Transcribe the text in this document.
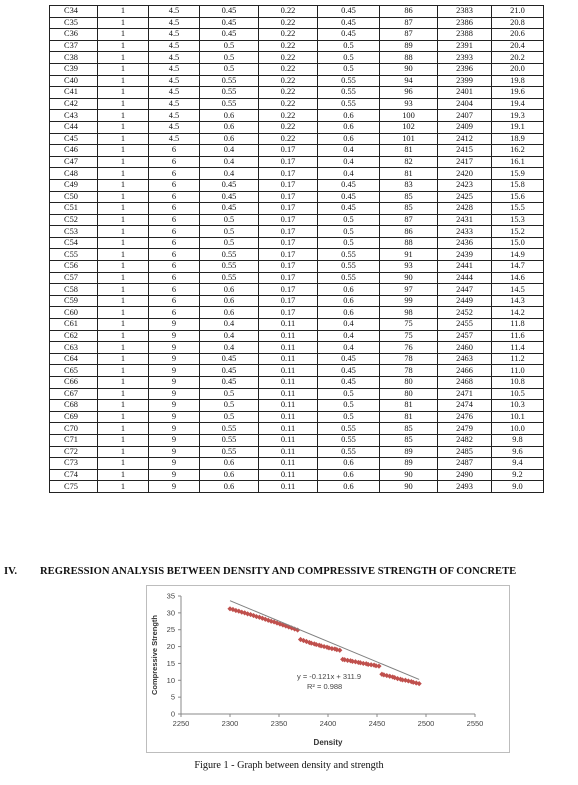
C34	1	4.5	0.45	0.22	0.45	86	2383	21.0
C35	1	4.5	0.45	0.22	0.45	87	2386	20.8
C36	1	4.5	0.45	0.22	0.45	87	2388	20.6
C37	1	4.5	0.5	0.22	0.5	89	2391	20.4
C38	1	4.5	0.5	0.22	0.5	88	2393	20.2
C39	1	4.5	0.5	0.22	0.5	90	2396	20.0
C40	1	4.5	0.55	0.22	0.55	94	2399	19.8
C41	1	4.5	0.55	0.22	0.55	96	2401	19.6
C42	1	4.5	0.55	0.22	0.55	93	2404	19.4
C43	1	4.5	0.6	0.22	0.6	100	2407	19.3
C44	1	4.5	0.6	0.22	0.6	102	2409	19.1
C45	1	4.5	0.6	0.22	0.6	101	2412	18.9
C46	1	6	0.4	0.17	0.4	81	2415	16.2
C47	1	6	0.4	0.17	0.4	82	2417	16.1
C48	1	6	0.4	0.17	0.4	81	2420	15.9
C49	1	6	0.45	0.17	0.45	83	2423	15.8
C50	1	6	0.45	0.17	0.45	85	2425	15.6
C51	1	6	0.45	0.17	0.45	85	2428	15.5
C52	1	6	0.5	0.17	0.5	87	2431	15.3
C53	1	6	0.5	0.17	0.5	86	2433	15.2
C54	1	6	0.5	0.17	0.5	88	2436	15.0
C55	1	6	0.55	0.17	0.55	91	2439	14.9
C56	1	6	0.55	0.17	0.55	93	2441	14.7
C57	1	6	0.55	0.17	0.55	90	2444	14.6
C58	1	6	0.6	0.17	0.6	97	2447	14.5
C59	1	6	0.6	0.17	0.6	99	2449	14.3
C60	1	6	0.6	0.17	0.6	98	2452	14.2
C61	1	9	0.4	0.11	0.4	75	2455	11.8
C62	1	9	0.4	0.11	0.4	75	2457	11.6
C63	1	9	0.4	0.11	0.4	76	2460	11.4
C64	1	9	0.45	0.11	0.45	78	2463	11.2
C65	1	9	0.45	0.11	0.45	78	2466	11.0
C66	1	9	0.45	0.11	0.45	80	2468	10.8
C67	1	9	0.5	0.11	0.5	80	2471	10.5
C68	1	9	0.5	0.11	0.5	81	2474	10.3
C69	1	9	0.5	0.11	0.5	81	2476	10.1
C70	1	9	0.55	0.11	0.55	85	2479	10.0
C71	1	9	0.55	0.11	0.55	85	2482	9.8
C72	1	9	0.55	0.11	0.55	89	2485	9.6
C73	1	9	0.6	0.11	0.6	89	2487	9.4
C74	1	9	0.6	0.11	0.6	90	2490	9.2
C75	1	9	0.6	0.11	0.6	90	2493	9.0
IV. REGRESSION ANALYSIS BETWEEN DENSITY AND COMPRESSIVE STRENGTH OF CONCRETE
0
5
10
15
20
25
30
35
2250	2300	2350	2400	2450	2500	2550
y = -0.121x + 311.9
R² = 0.988
Density
Compressive Strength
Figure 1 - Graph between density and strength
